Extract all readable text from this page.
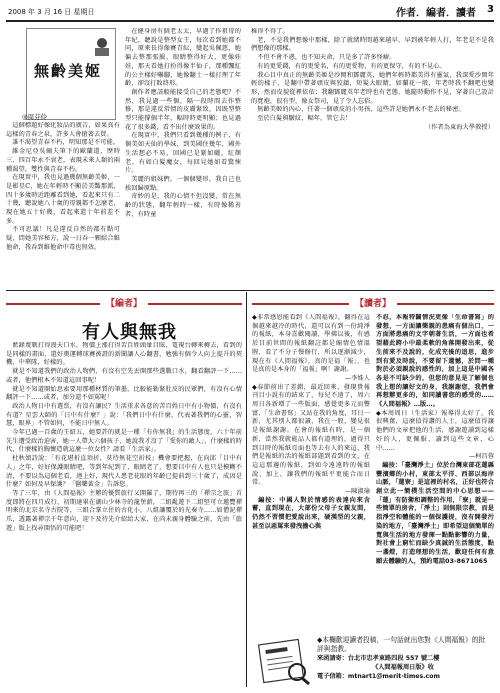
2008 年 3 月 16 日 星期日	作者．編者．讀者 3
無齡美姬
◎周芬伶

這個標題好像化妝品的廣告，如果真有這樣的青春之泉，許多人會搶著去買。

誰不渴望青春不朽，明知那是不可能。

維金尼亞吳爾夫筆下的歐蘭道，歷時三、四百年永不衰老，表現未來人類的兩種渴望，雙性與青春不朽。

在現實中，我也見過幾個無齡美姬，一是影星C，她在年輕時不顯於美豔那派，四十多歲時近距離看到她，看起來只有二十幾，聽說她八十歲的母親都不怎麼老，現在她五十好幾，看起來還十年前差不多。

不可思議！凡是違反自然的都有點可疑，問她美容秘方，說一日吞一顆綜合維他命，我吞到維他命中毒也無效。

在健身房有個老太太，早過了作祖母的年紀，聽說是整型女王，每次看到她都不同，原來長得像賽青紜，變起吳佩慈，她偏去整那張臉，眼睛整得好大，更像娃娃，那天看她打扮得像半仙子，那種飄紅的公主樣好嚇腳，她像翻土一樣打理了年齡，卻沒打敗終形。

創作者應該較能接受自己的老態吧？不然，我見過一些個，隔一段時間去作整修，那是違反常情的皮膚緊致，因既型整型只能撐個半年，幅時時更明顯；也見過花了很多錢，看不出什麼效果的。

在現實中，我們只看到幾種的例子，有個美如天仙的學妹，到美國住幾年，國外生活想必不易，回國已是緊如曬，紅顏老，有如白髮魔女，每回見她如看驚悚片。

美麗的姐妹們，一個個變形，我自己也挨回歸原點。

奇妙的是，我的心情不但沒變，常在無齡的狀態，翻年輕時一樣，有時像稀善者，有時童

稚得不得了。

老，不是我們想像中那樣，除了就緒時間越來越早，早到被年輕人打，年老是不是我們想像的那樣。

不但不會不惑，也不知天命，只是多了許多怪癖。

有的更愛錢，有的更愛名，有的更愛物，有的更保守，有的不見心。

我心目中真正的無齡美姬是沙岡和鄧麗英，她們年輕時都美得有靈氣，我深愛沙岡年輕的樣子，是翻中帶著頑皮與狡鎮，短髮大眼睛，如蘭花一般，年老時我不翻吧也變形，然而皮貌從裡依依；我翻鄧麗英年老時也有老態，她隨時動作不見，穿著自己設計的寬袍，很有型，像女祭司，見了令人忘俗。

無齡美姬的內心，任著一個頑皮的小男孩，這些許是她們永不老去的秘密。

至於白髮與皺紋，幅年，管它去！

（作者為東海大學教授）

【編者】
有人與無我

藍錄蔑戰打得漫天口水，物價上漲打得苦百姓頭暈目眩，電視台轉來轉去，看到的是同樣的畫面，還好奧運轉球賽被證的新聞讓人心翻書，勉強有個令人向上提升的契機，中華隊，好樣的。

就是不知道我們的政治人物們，有沒有空先丟開那些選戰口水，翻看翻評一下……或者，他們根本不知道這回事呢！

就是不知道開始思索要用那種材質的筆墨，比較能勒緊肚皮的民眾們，有沒有心情翻評一下……或者，加分還不如罵呢！

政治人物日中有選票，有沒有讓民？生活重求各意的苦百姓日中有小物價，有沒有有道？星雲大師的「日中有什麼？」說：「我們日中有什麼，代表著我們的心靈，智慧，眼界」不管如何，不能日中無人。

今年已過一百歲的王紹五，她要許的就是一種「有你無我」的生活態度，六十年前先生遭受政治迫害，她一人帶大六個孩子，她說我才沒了「愛你的敵人」，什麼樣的時代，什麼樣的胸懷造就這麼一位女性？請看「生活家」。

杜秋娘詩說：「有花堪折直須折，莫待無花空折枝」機會要把握，在向邱「目中有人」之年，好好保護眼睛吧，等到年紀到了，眼睛老了，想要目中有人也只是模糊不清，不要以為這個老看，連上好，現代人患老花眼的年齡已提前到三十歲了，成因是什麼？如何及早保護？「醫藥黃金」告訴您。

等了三年，由《人間福報》主辦的優質旅行又開羅了，期待再三的「禪宗之旅」首度即將在四月成行，初期達畢在湖山少林寺的龍堡薪，二組亂遊下二組堅可立邀覽禪明來的北京名寺古院等，三組合掌立住的古化小，八組讓覆於的光奏寺……如僧泥禪爪，透露著禪宗千年意向，迎下及待先介紹給大家，在尚未親身體驗之前，先由「旅遊」版上找尋開悟的可能吧！

【讀者】

◆非常感恩能看到《人間福報》，翻得在這個越來越冷的時代，還可以有到一份純淨的報紙，本身喜歡閱讀，學佛以後，有感於目前世間的報紙翻註都是煽情色情溫腥，看了不分子慢修行，所以逐漸減少，現在有《人間福報》，真的是福「報」，也是真的是本身的「福報」啊！謝謝。

—李姝人

◆春節前出了差錯，最近回來，發現貴報刊目小說有的結束了，每兒不遠了，周六周日各新增了一些版面，感覺更多元而豐富，「生命書寫」又站在我的角度，耳日一新，尤其別人都很讀，我在一般，變見很是報紙謝謝。在會的報紙有時，是一個新，當然我就能品人都有道理的，過得只到目時的報紙頁面也等去有人的來這，我們是報紙的活的報紙部題到看到的文，在這這那邊的報紙，到如今遠遠時的報紙說，加上，讓我們的報紙平更能合而日常。

—陳淑瑜

編按：中國人對於情感的表達向來含蓄，直到現在，大部份父母子女親友間，仍然不習慣把愛說出來，硬漢型的父親，甚至以惡罵來發洩擔心與

不忍，本報特闢情況更像「生命書寫」的發想，一方面讓樂親的患痛有個出口，一方面將患痛的文字朝著生活，一方面也希望藉此跨小中最柔軟的角落開發出來，從生前來不及說的，化成充後的追思，進步到有愛及時說，不要留下遺憾，於問一種對於必須親說的感性的，加上這是中國各各是不可缺少的，但您的意見是了解個也我上想的讓好文的身，我謝謝您，我們會再想辦更多的，如同讀書您的感受的……《人間福報》…版…。

◆本周周日（生活家）報導得太好了，我很興奮，這麼值得讚的人士，這麼值得讓他們的文章把他的生活，感謝遊讀到這樣好的人，更佩服，讀到這些文章，心中……

—柯昌蓉

編按：「臺灣淨土」位於台灣東部花蓮縣豐濱鄉的小村，東部太平洋、西部以海岸山脈，「蓮寮」是這裡的村名，正好也符合創立此一簡樸生活空間的中心思想——「蓮」有防衛和調整的作用，「寮」就是一些簡單的房舍，「淨土」則無限宗教，而是指淨空和體能的一個保護提，沒有開發污染的地方，「臺灣淨土」即希望這個簡單的寬與生活的地方發揮一點點影響的力量，對社會上窮忙而缺少真誠的生活態度，點一盞燈，打造理想的生活，歡迎任何有意願去體驗的人，預約電話03-8671065

◆本欄歡迎讀者投稿，一句話就出您對《人間福報》的批評與指教。
來函請寄：台北市忠孝東路四段 557 號二樓
《人間福報周日版》收
電子信箱：mtnart1＠merit-times.com
